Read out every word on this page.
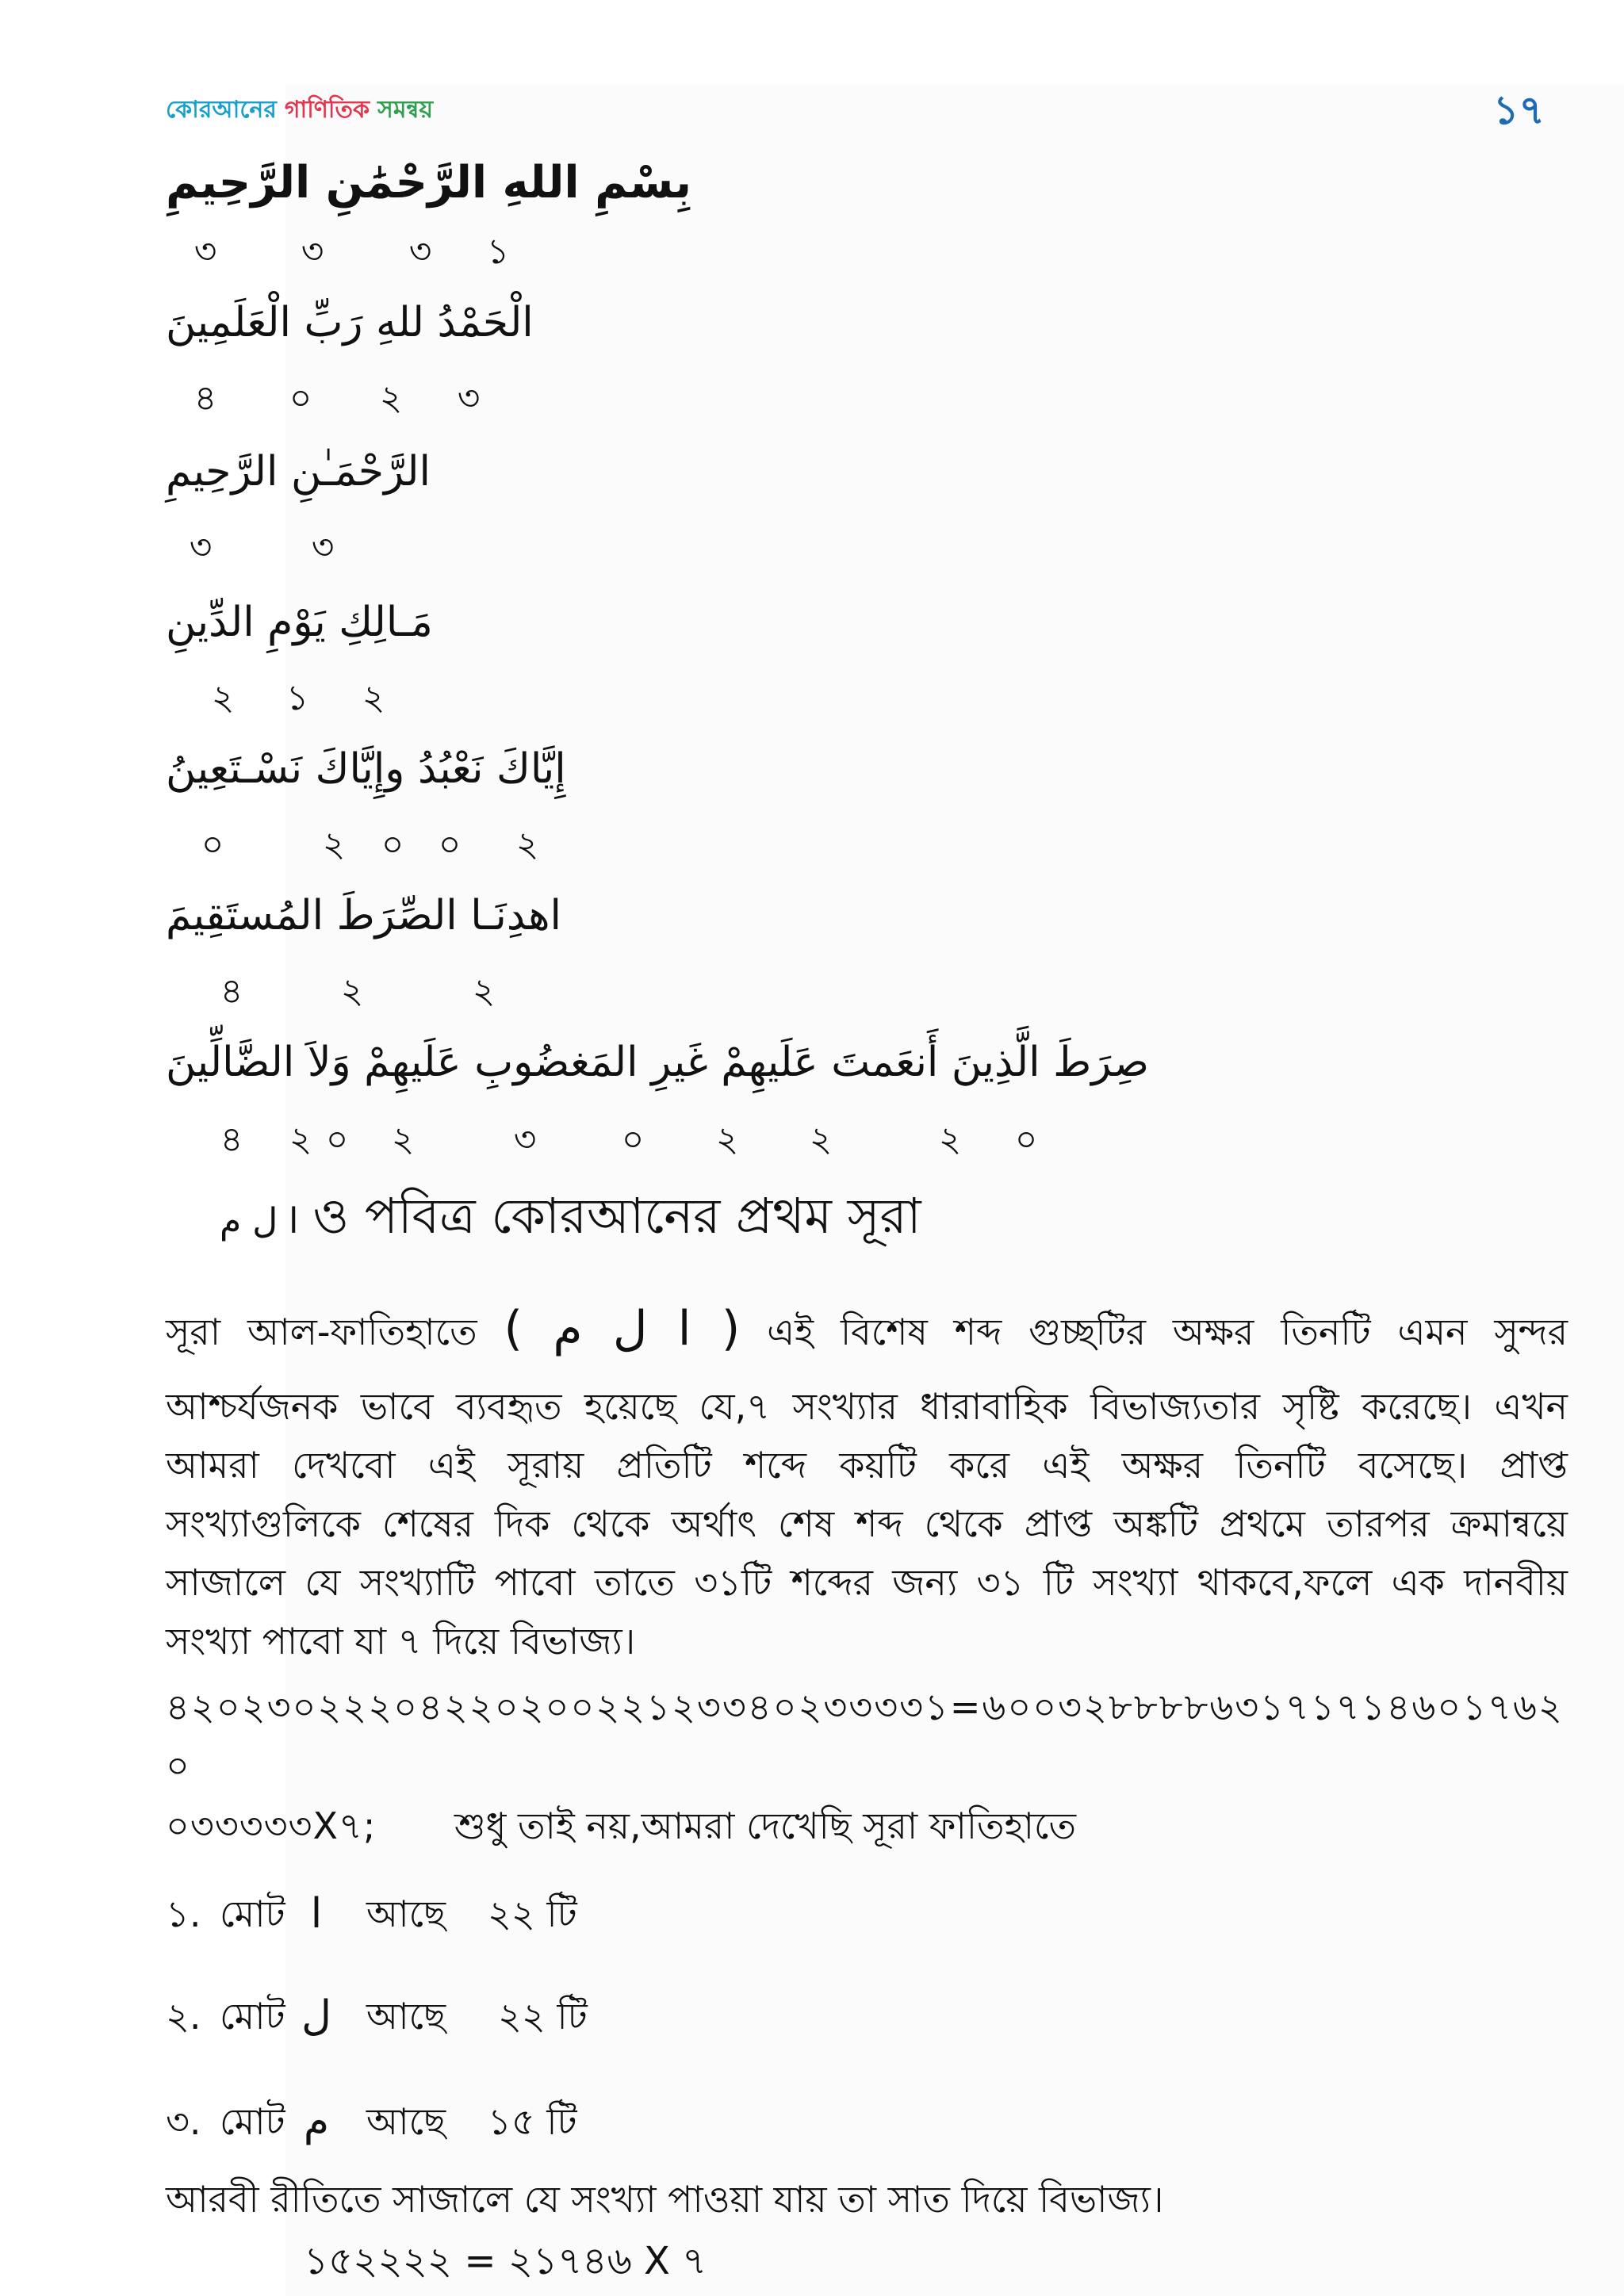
কোরআনের গাণিতিক সমন্বয়	১৭
بِسْمِ اللهِ الرَّحْمَٰنِ الرَّحِيمِ
৩ ৩ ৩ ১
الْحَمْدُ للهِ رَبِّ الْعَلَمِينَ
৪ ০ ২ ৩
الرَّحْمَـٰنِ الرَّحِيمِ
৩	৩
مَـالِكِ يَوْمِ الدِّينِ
২ ১ ২
إِيَّاكَ نَعْبُدُ وإِيَّاكَ نَسْـتَعِينُ
০	২ ০ ০ ২
اهدِنَـا الصِّرَطَ المُستَقِيمَ
৪	২	২
صِرَطَ الَّذِينَ أَنعَمتَ عَلَيهِمْ غَيرِ المَغضُوبِ عَلَيهِمْ وَلاَ الضَّالِّينَ
৪ ২ ০ ২	৩ ০ ২ ২	২ ০
ا ل م ও পবিত্র কোরআনের প্রথম সূরা
সূরা আল-ফাতিহাতে ( ا ل م ) এই বিশেষ শব্দ গুচ্ছটির অক্ষর তিনটি এমন সুন্দর
আশ্চর্যজনক ভাবে ব্যবহৃত হয়েছে যে,৭ সংখ্যার ধারাবাহিক বিভাজ্যতার সৃষ্টি করেছে। এখন
আমরা দেখবো এই সূরায় প্রতিটি শব্দে কয়টি করে এই অক্ষর তিনটি বসেছে। প্রাপ্ত
সংখ্যাগুলিকে শেষের দিক থেকে অর্থাৎ শেষ শব্দ থেকে প্রাপ্ত অঙ্কটি প্রথমে তারপর ক্রমান্বয়ে
সাজালে যে সংখ্যাটি পাবো তাতে ৩১টি শব্দের জন্য ৩১ টি সংখ্যা থাকবে,ফলে এক দানবীয়
সংখ্যা পাবো যা ৭ দিয়ে বিভাজ্য।
৪২০২৩০২২২০৪২২০২০০২২১২৩৩৪০২৩৩৩৩১=৬০০৩২৮৮৮৮৬৩১৭১৭১৪৬০১৭৬২০
০৩৩৩৩৩X৭; শুধু তাই নয়,আমরা দেখেছি সূরা ফাতিহাতে
১. মোট ا আছে ২২ টি
২. মোট ل আছে ২২ টি
৩. মোট م আছে ১৫ টি
আরবী রীতিতে সাজালে যে সংখ্যা পাওয়া যায় তা সাত দিয়ে বিভাজ্য।
১৫২২২২ = ২১৭৪৬ X ৭
